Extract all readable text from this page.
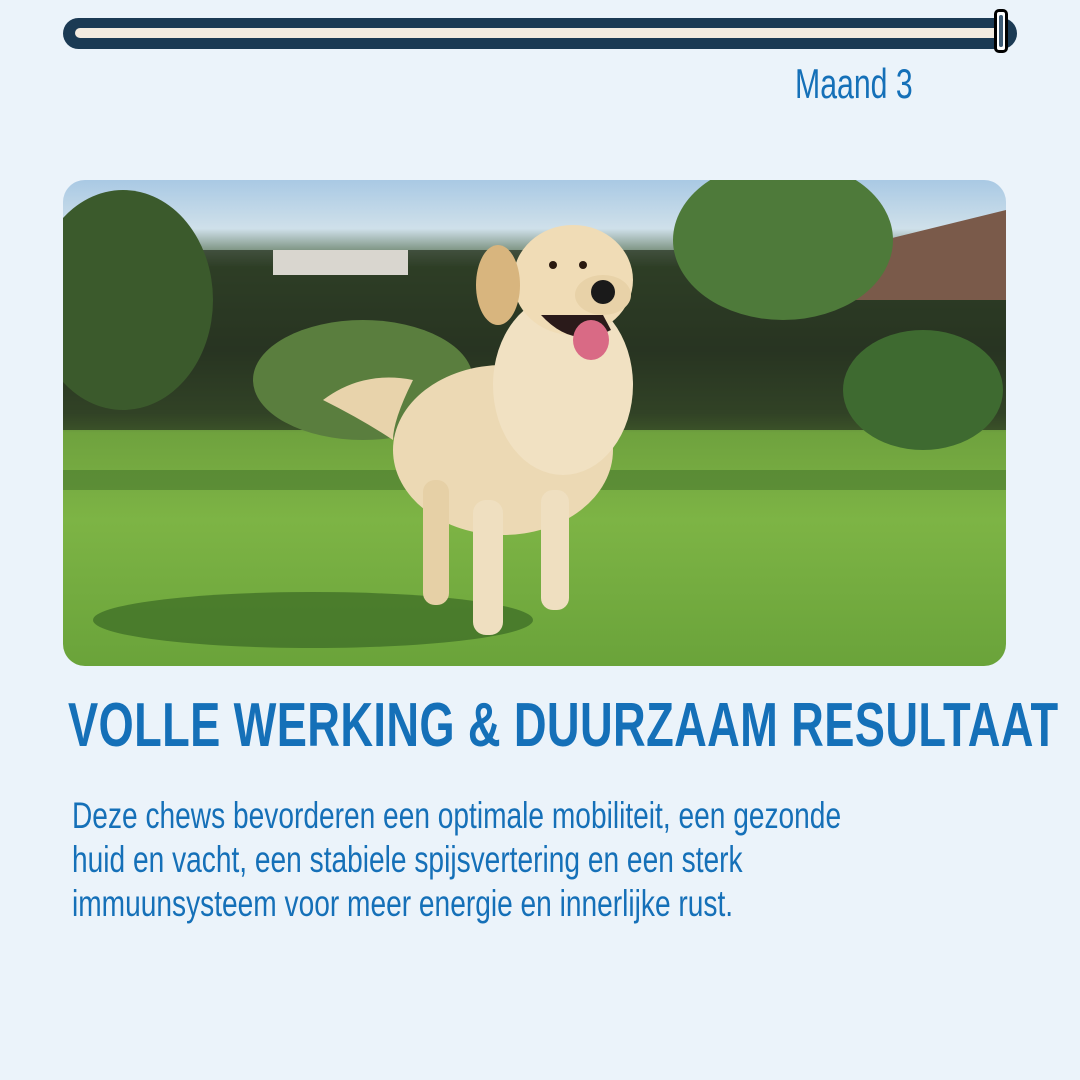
Maand 3
VOLLE WERKING & DUURZAAM RESULTAAT
Deze chews bevorderen een optimale mobiliteit, een gezonde
huid en vacht, een stabiele spijsvertering en een sterk
immuunsysteem voor meer energie en innerlijke rust.
